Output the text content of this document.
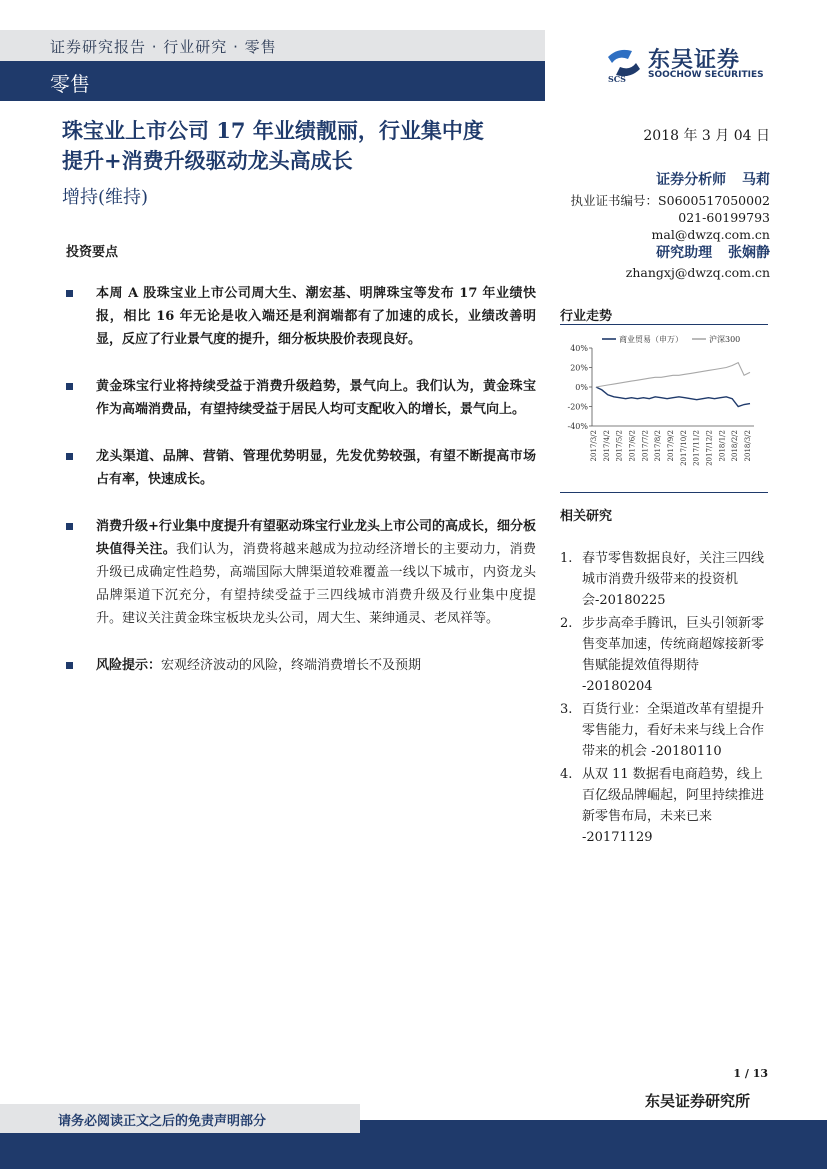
证券研究报告 · 行业研究 · 零售
零售	SCS
东吴证券
SOOCHOW SECURITIES
珠宝业上市公司 17 年业绩靓丽，行业集中度
提升+消费升级驱动龙头高成长
增持(维持)
2018 年 3 月 04 日
证券分析师 马莉
执业证书编号：S0600517050002
021-60199793
mal@dwzq.com.cn
研究助理 张娴静
zhangxj@dwzq.com.cn
投资要点
本周 A 股珠宝业上市公司周大生、潮宏基、明牌珠宝等发布 17 年业绩快报，相比 16 年无论是收入端还是利润端都有了加速的成长，业绩改善明显，反应了行业景气度的提升，细分板块股价表现良好。
黄金珠宝行业将持续受益于消费升级趋势，景气向上。我们认为，黄金珠宝作为高端消费品，有望持续受益于居民人均可支配收入的增长，景气向上。
龙头渠道、品牌、营销、管理优势明显，先发优势较强，有望不断提高市场占有率，快速成长。
消费升级+行业集中度提升有望驱动珠宝行业龙头上市公司的高成长，细分板块值得关注。我们认为，消费将越来越成为拉动经济增长的主要动力，消费升级已成确定性趋势，高端国际大牌渠道较难覆盖一线以下城市，内资龙头品牌渠道下沉充分，有望持续受益于三四线城市消费升级及行业集中度提升。建议关注黄金珠宝板块龙头公司，周大生、莱绅通灵、老凤祥等。
风险提示：宏观经济波动的风险，终端消费增长不及预期
行业走势
40%
20%
0%
-20%
-40%
2017/3/2 2017/4/2 2017/5/2 2017/6/2 2017/7/2 2017/8/2 2017/9/2 2017/10/2 2017/11/2 2017/12/2 2018/1/2 2018/2/2 2018/3/2
商业贸易（申万）	沪深300
相关研究
1. 春节零售数据良好，关注三四线城市消费升级带来的投资机会-20180225
2. 步步高牵手腾讯，巨头引领新零售变革加速，传统商超嫁接新零售赋能提效值得期待 -20180204
3. 百货行业：全渠道改革有望提升零售能力，看好未来与线上合作带来的机会 -20180110
4. 从双 11 数据看电商趋势，线上百亿级品牌崛起，阿里持续推进新零售布局，未来已来 -20171129
1 / 13
东吴证券研究所
请务必阅读正文之后的免责声明部分
